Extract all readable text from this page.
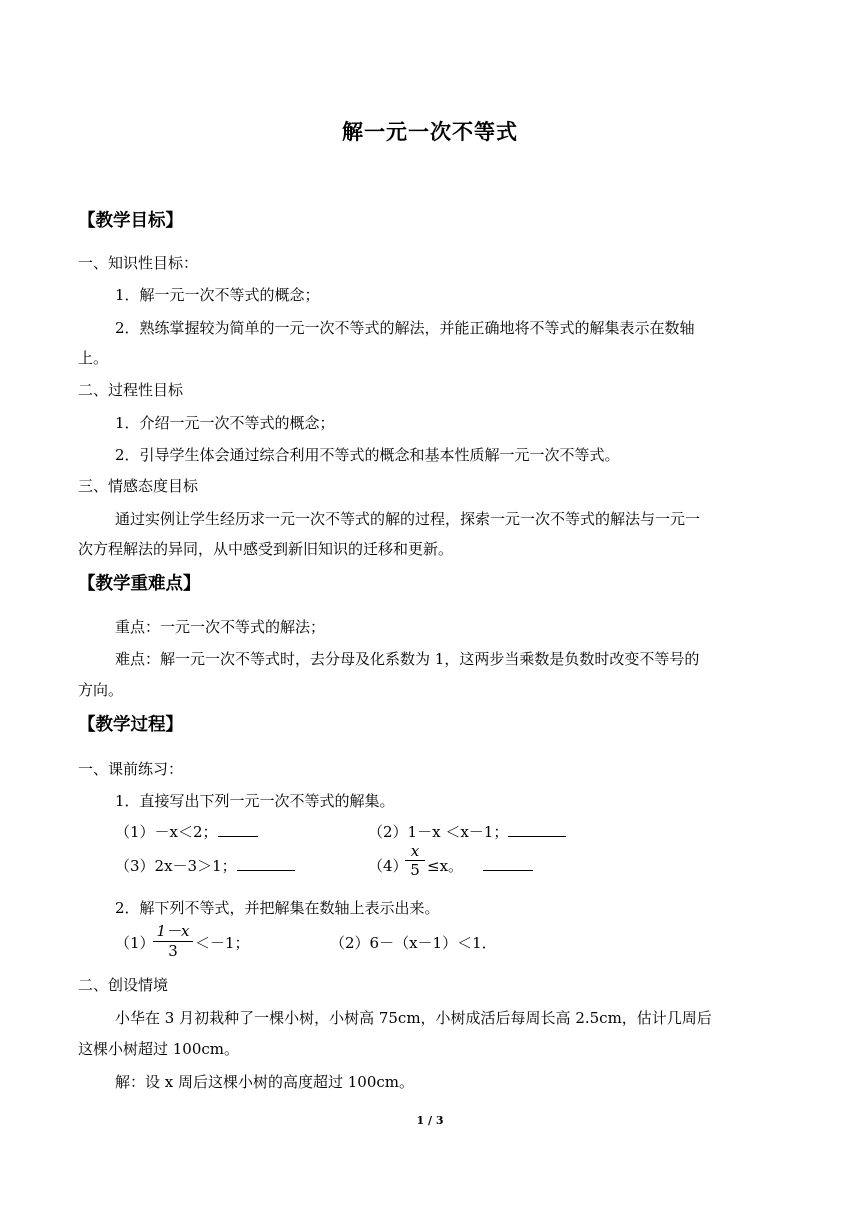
解一元一次不等式
【教学目标】
一、知识性目标：
1．解一元一次不等式的概念；
2．熟练掌握较为简单的一元一次不等式的解法，并能正确地将不等式的解集表示在数轴
上。
二、过程性目标
1．介绍一元一次不等式的概念；
2．引导学生体会通过综合利用不等式的概念和基本性质解一元一次不等式。
三、情感态度目标
通过实例让学生经历求一元一次不等式的解的过程，探索一元一次不等式的解法与一元一
次方程解法的异同，从中感受到新旧知识的迁移和更新。
【教学重难点】
重点：一元一次不等式的解法；
难点：解一元一次不等式时，去分母及化系数为 1，这两步当乘数是负数时改变不等号的
方向。
【教学过程】
一、课前练习：
1．直接写出下列一元一次不等式的解集。
（1）－x＜2；	（2）1－x ＜x－1；
（3）2x－3＞1；	（4）
x
5 ≤x。
2．解下列不等式，并把解集在数轴上表示出来。
（1）
1－x
3	＜－1；	（2）6－（x－1）＜1．
二、创设情境
小华在 3 月初栽种了一棵小树，小树高 75cm，小树成活后每周长高 2.5cm，估计几周后
这棵小树超过 100cm。
解：设 x 周后这棵小树的高度超过 100cm。
1 / 3
